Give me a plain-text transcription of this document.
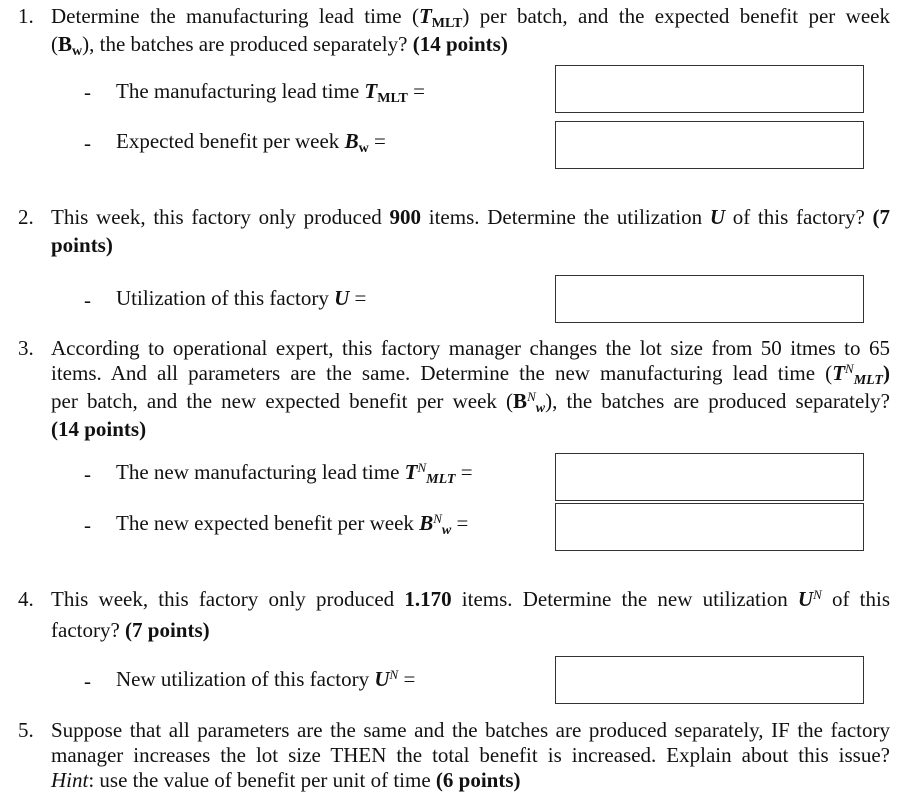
1. Determine the manufacturing lead time (TMLT) per batch, and the expected benefit per week
(Bw), the batches are produced separately? (14 points)
- The manufacturing lead time TMLT =
- Expected benefit per week Bw =
2. This week, this factory only produced 900 items. Determine the utilization U of this factory? (7
points)
- Utilization of this factory U =
3. According to operational expert, this factory manager changes the lot size from 50 itmes to 65
items. And all parameters are the same. Determine the new manufacturing lead time $(T^NMLT)$
per batch, and the new expected benefit per week $(B^Nw)$, the batches are produced separately?
(14 points)
- The new manufacturing lead time $T^NMLT$ =
- The new expected benefit per week $B^Nw$ =
4. This week, this factory only produced 1.170 items. Determine the new utilization $U^N$ of this
factory? (7 points)
- New utilization of this factory $U^N$ =
5. Suppose that all parameters are the same and the batches are produced separately, IF the factory
manager increases the lot size THEN the total benefit is increased. Explain about this issue?
Hint: use the value of benefit per unit of time (6 points)
